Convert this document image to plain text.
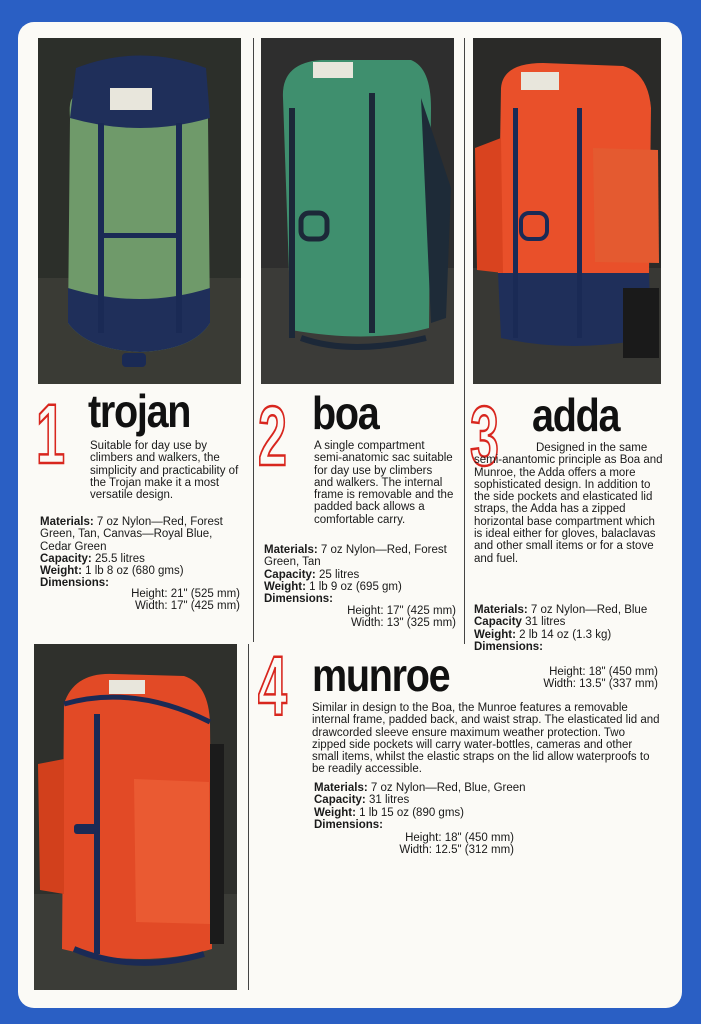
1 trojan
Suitable for day use by climbers and walkers, the simplicity and practicability of the Trojan make it a most versatile design.
Materials: 7 oz Nylon—Red, Forest Green, Tan, Canvas—Royal Blue, Cedar Green
Capacity: 25.5 litres
Weight: 1 lb 8 oz (680 gms)
Dimensions:
Height: 21" (525 mm)
Width: 17" (425 mm)
2 boa
A single compartment semi-anatomic sac suitable for day use by climbers and walkers. The internal frame is removable and the padded back allows a comfortable carry.
Materials: 7 oz Nylon—Red, Forest Green, Tan
Capacity: 25 litres
Weight: 1 lb 9 oz (695 gm)
Dimensions:
Height: 17" (425 mm)
Width: 13" (325 mm)
3 adda
Designed in the same semi-anantomic principle as Boa and Munroe, the Adda offers a more sophisticated design. In addition to the side pockets and elasticated lid straps, the Adda has a zipped horizontal base compartment which is ideal either for gloves, balaclavas and other small items or for a stove and fuel.
Materials: 7 oz Nylon—Red, Blue
Capacity 31 litres
Weight: 2 lb 14 oz (1.3 kg)
Dimensions:
Height: 18" (450 mm)
Width: 13.5" (337 mm)
4 munroe
Similar in design to the Boa, the Munroe features a removable internal frame, padded back, and waist strap. The elasticated lid and drawcorded sleeve ensure maximum weather protection. Two zipped side pockets will carry water-bottles, cameras and other small items, whilst the elastic straps on the lid allow waterproofs to be readily accessible.
Materials: 7 oz Nylon—Red, Blue, Green
Capacity: 31 litres
Weight: 1 lb 15 oz (890 gms)
Dimensions:
Height: 18" (450 mm)
Width: 12.5" (312 mm)
